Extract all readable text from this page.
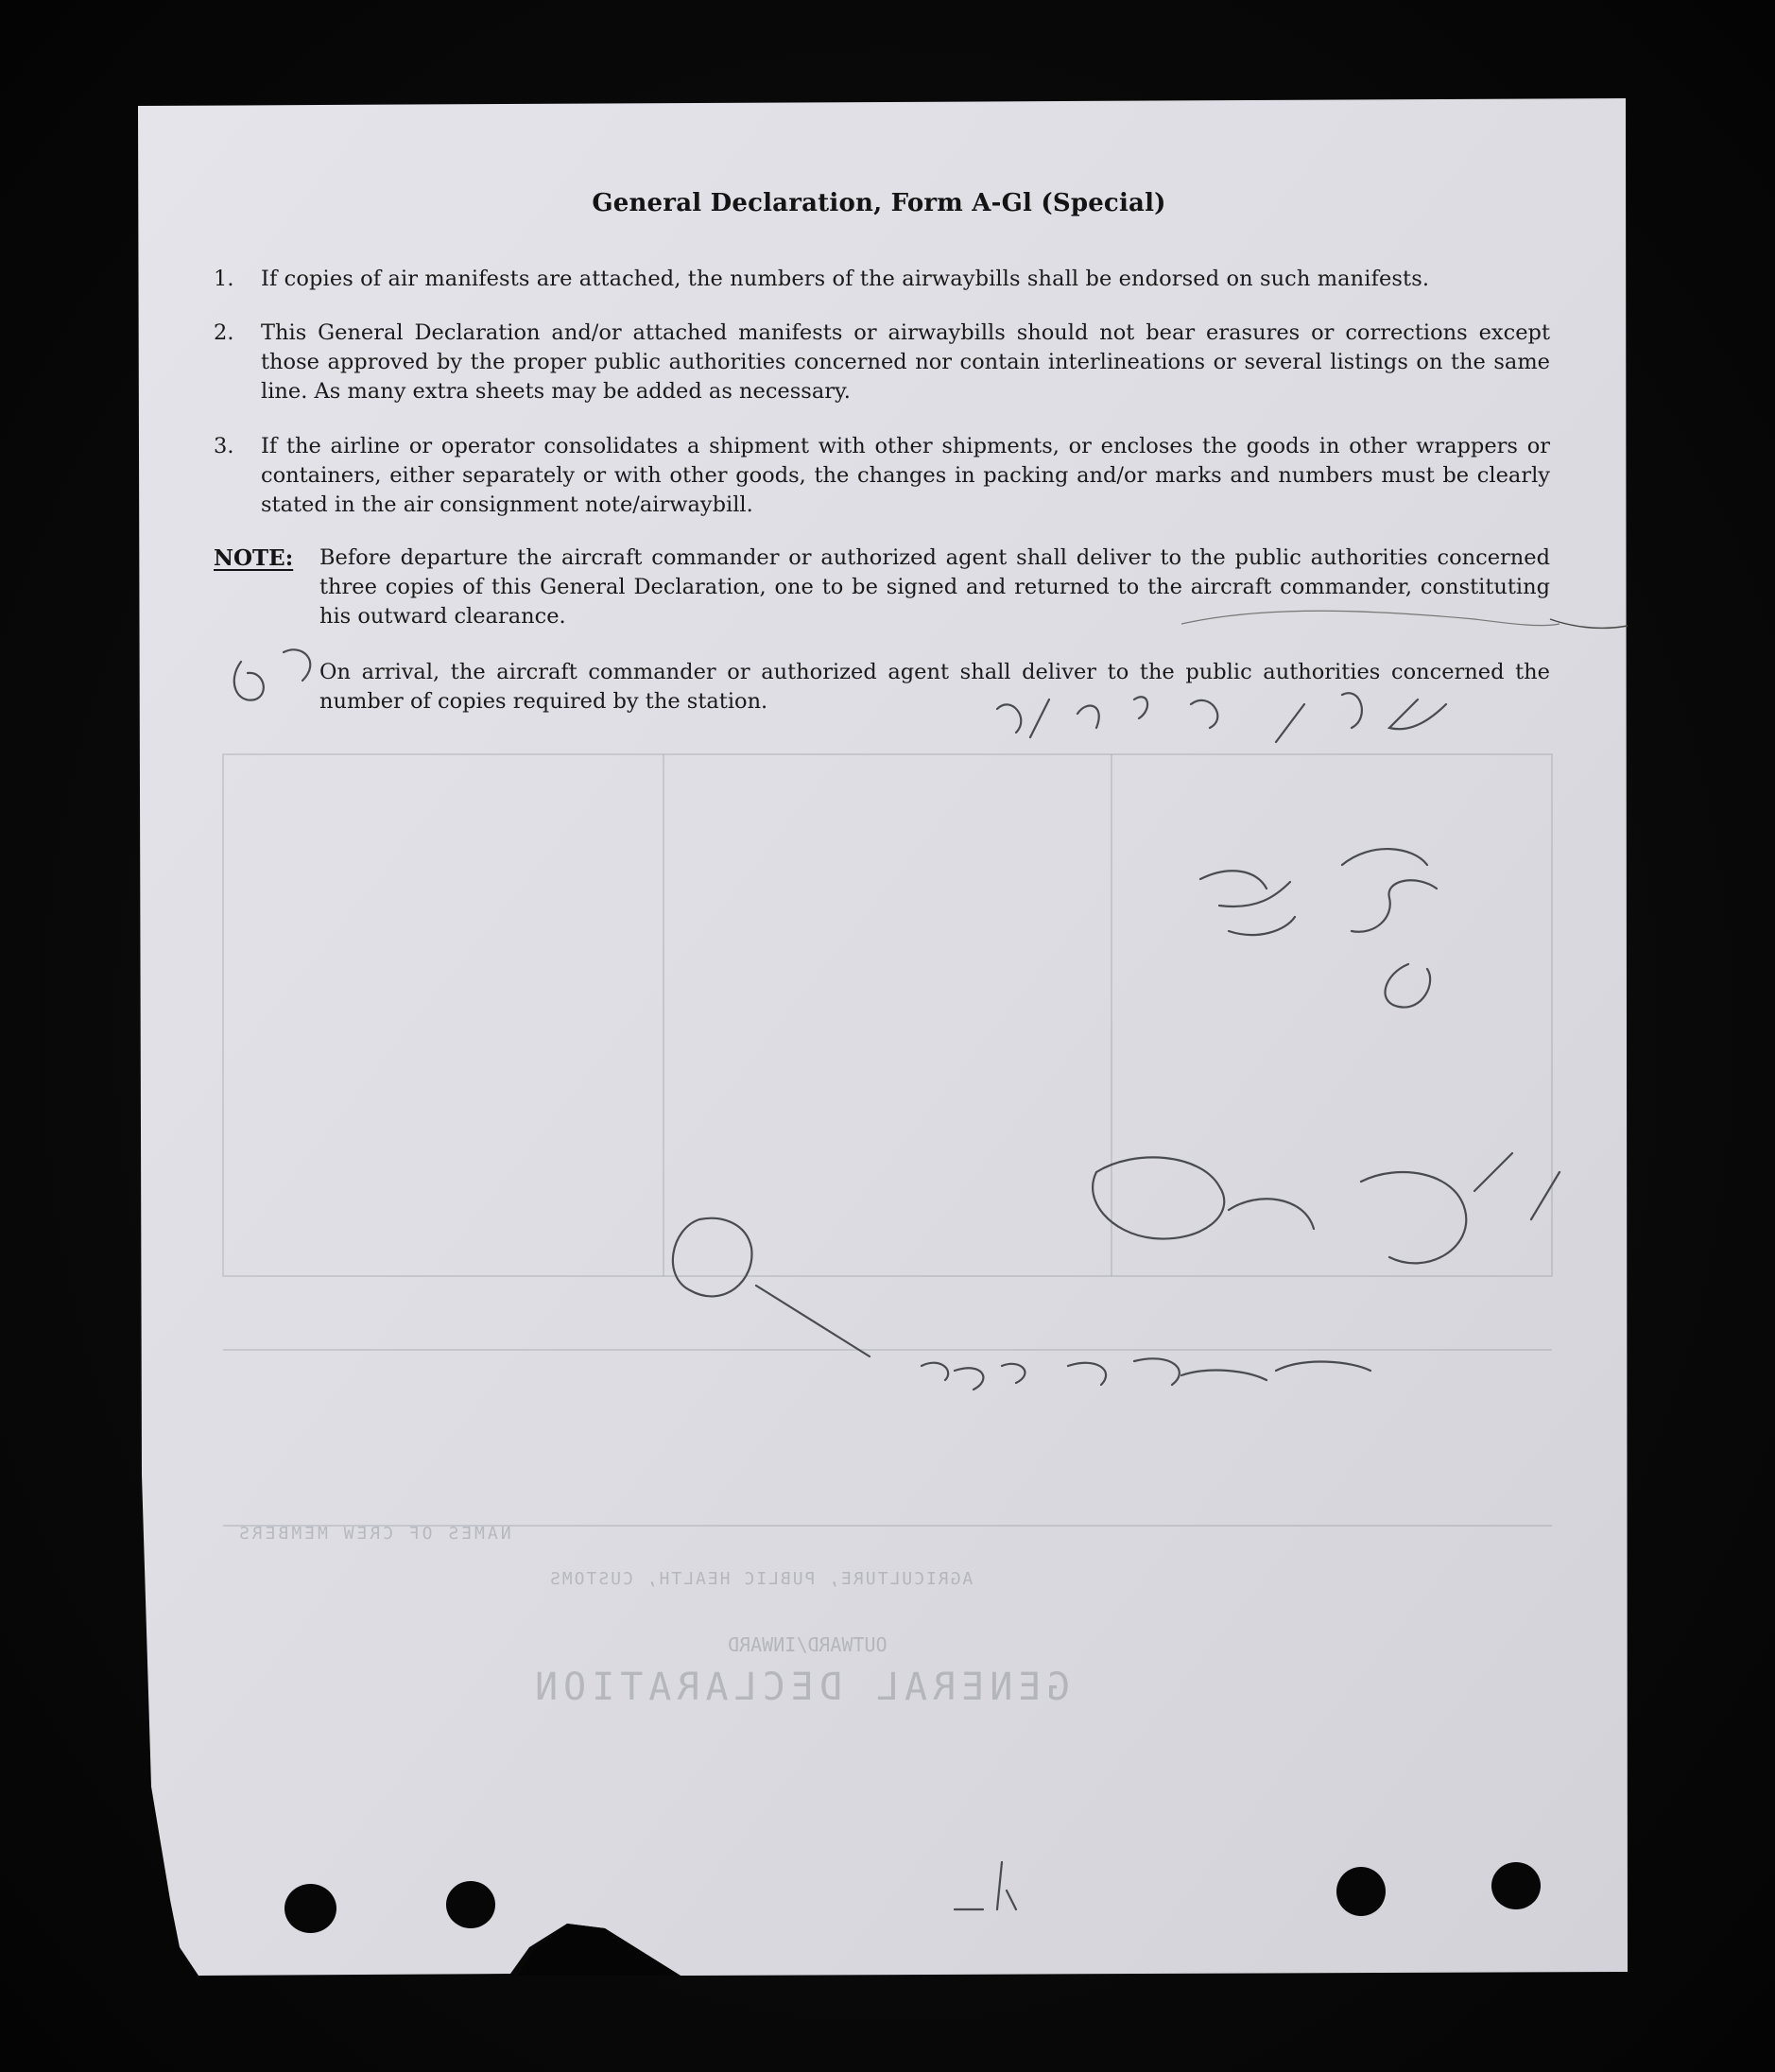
GENERAL DECLARATION
OUTWARD/INWARD
AGRICULTURE, PUBLIC HEALTH, CUSTOMS
NAMES OF CREW MEMBERS
General Declaration, Form A-Gl (Special)
1. If copies of air manifests are attached, the numbers of the airwaybills shall be endorsed on such manifests.
2. This General Declaration and/or attached manifests or airwaybills should not bear erasures or corrections except those approved by the proper public authorities concerned nor contain interlineations or several listings on the same line. As many extra sheets may be added as necessary.
3. If the airline or operator consolidates a shipment with other shipments, or encloses the goods in other wrappers or containers, either separately or with other goods, the changes in packing and/or marks and numbers must be clearly stated in the air consignment note/airwaybill.
NOTE: Before departure the aircraft commander or authorized agent shall deliver to the public authorities concerned three copies of this General Declaration, one to be signed and returned to the aircraft commander, constituting his outward clearance.
On arrival, the aircraft commander or authorized agent shall deliver to the public authorities concerned the number of copies required by the station.
